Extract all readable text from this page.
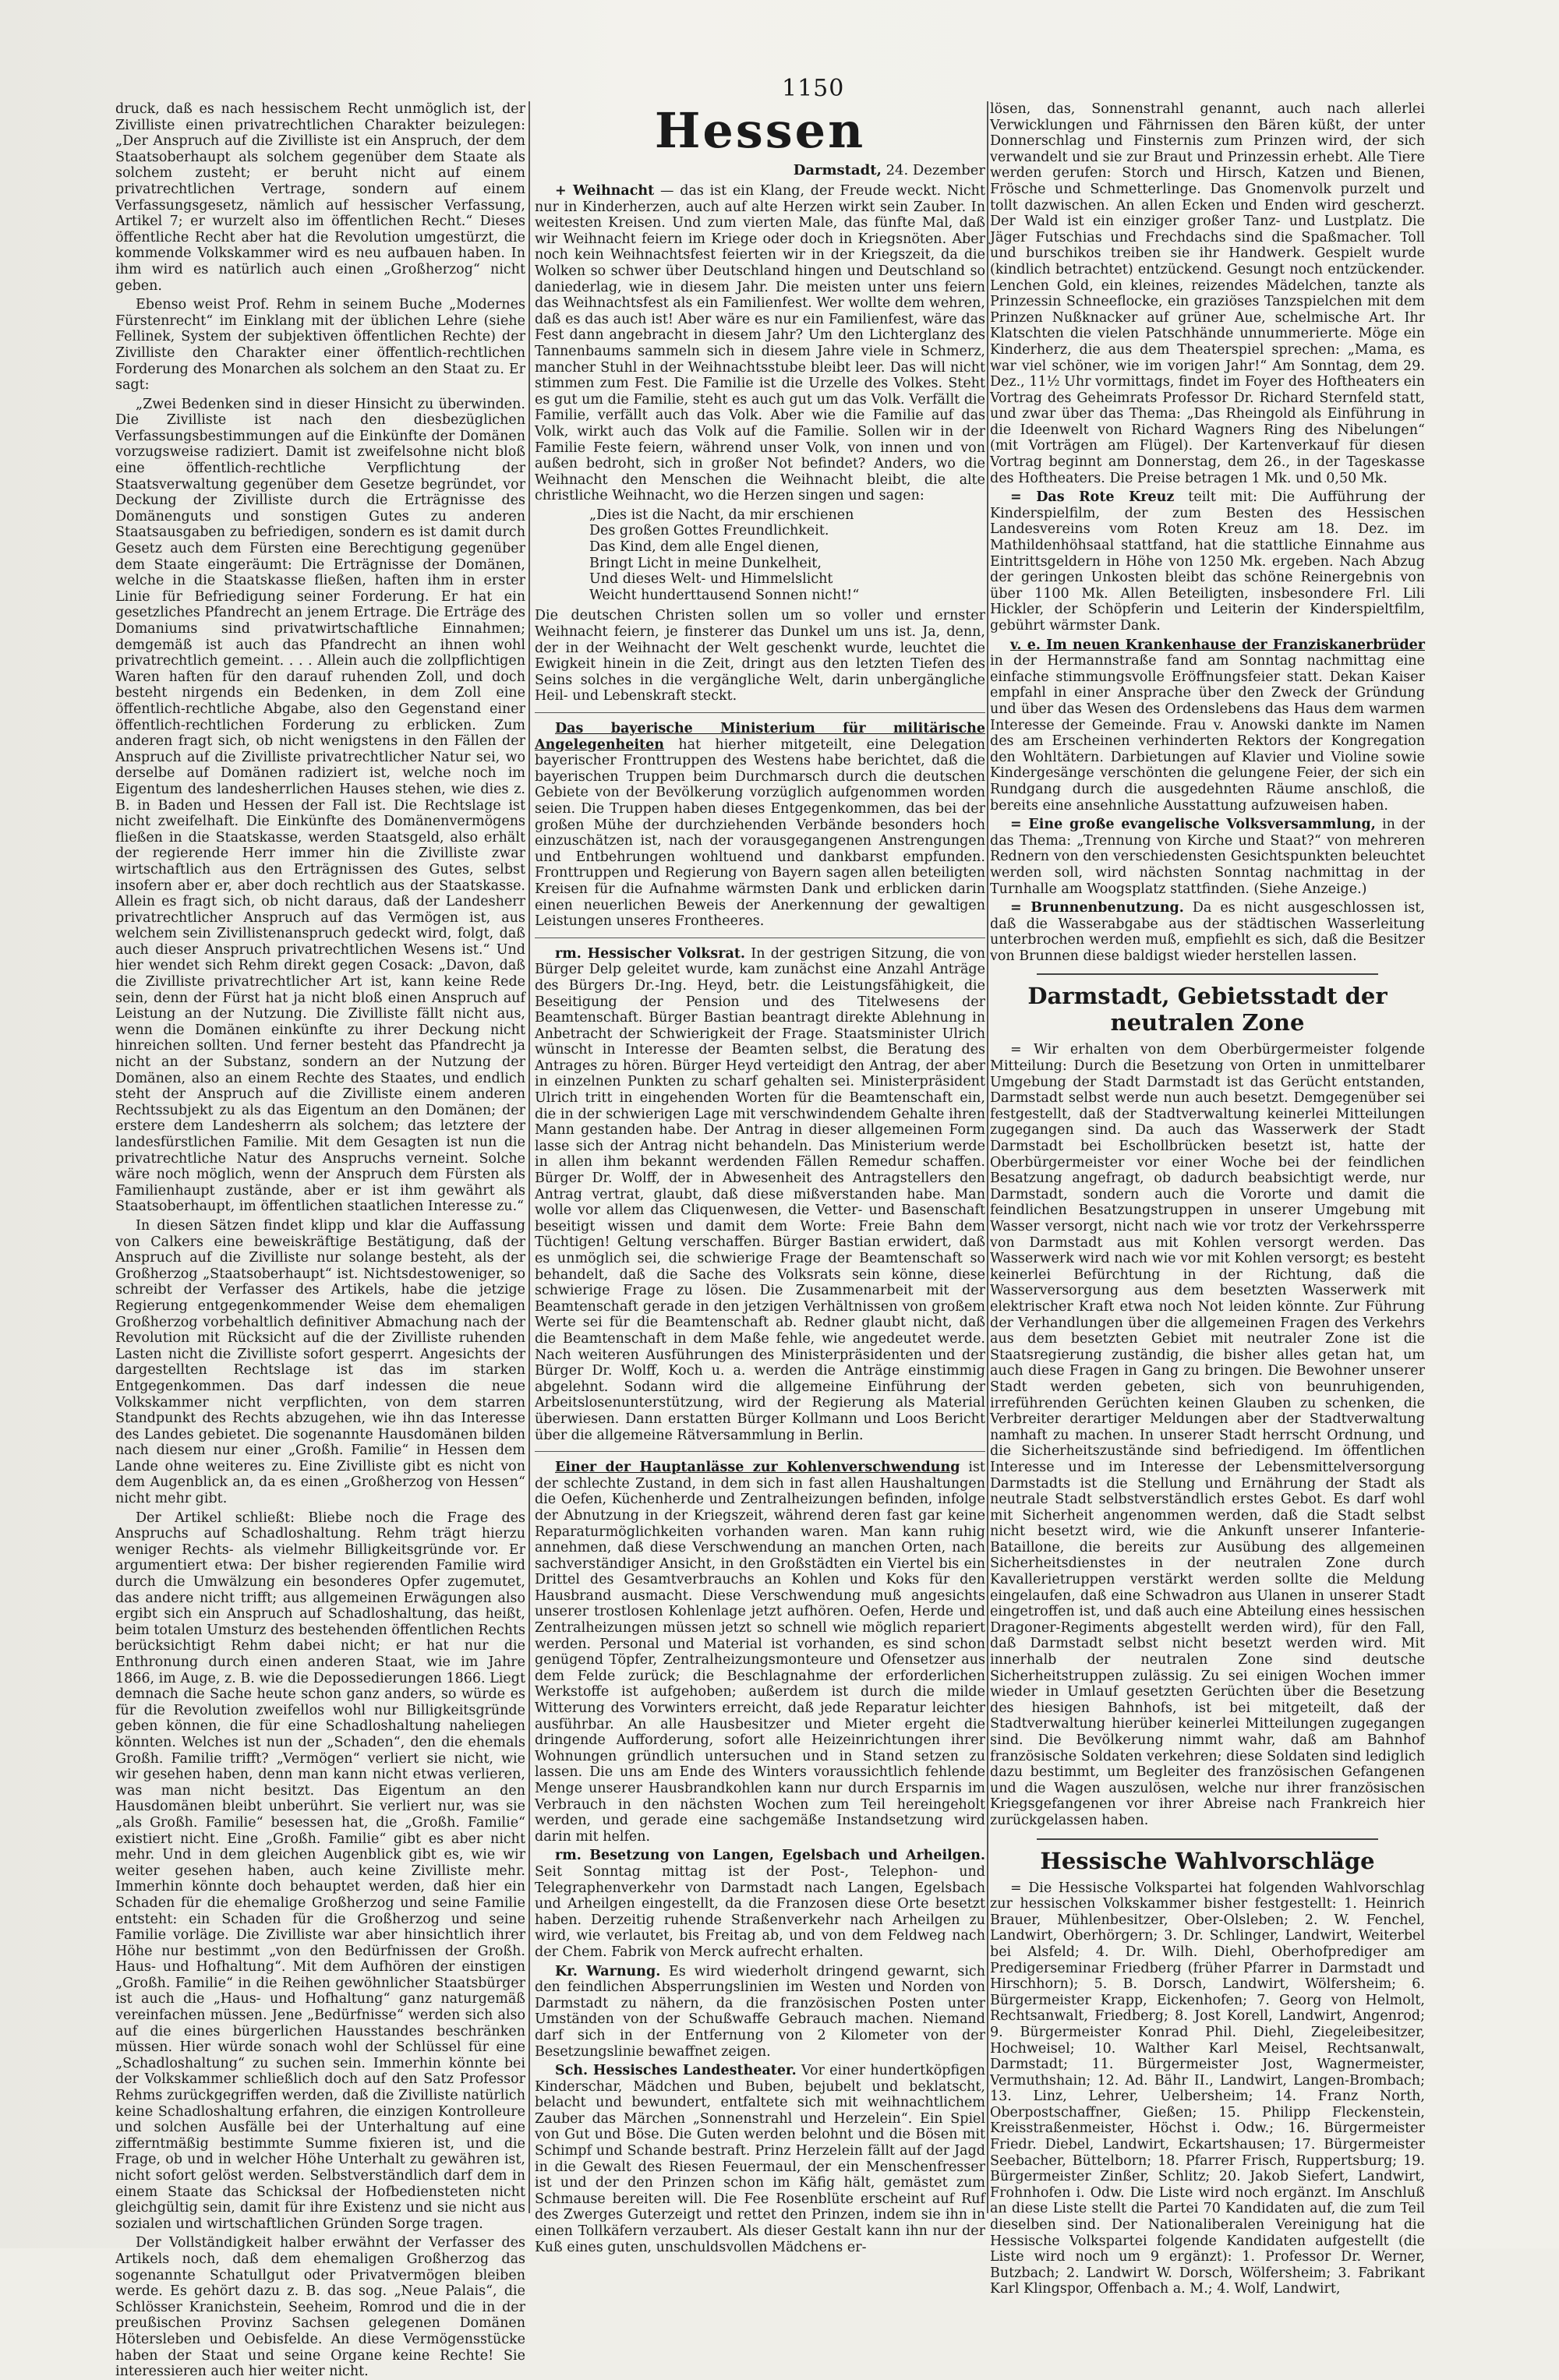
1150

druck, daß es nach hessischem Recht unmöglich ist, der Zivilliste einen privatrechtlichen Charakter beizulegen: „Der Anspruch auf die Zivilliste ist ein Anspruch, der dem Staatsoberhaupt als solchem gegenüber dem Staate als solchem zusteht; er beruht nicht auf einem privatrechtlichen Vertrage, sondern auf einem Verfassungsgesetz, nämlich auf hessischer Verfassung, Artikel 7; er wurzelt also im öffentlichen Recht.“ Dieses öffentliche Recht aber hat die Revolution umgestürzt, die kommende Volkskammer wird es neu aufbauen haben. In ihm wird es natürlich auch einen „Großherzog“ nicht geben.

Ebenso weist Prof. Rehm in seinem Buche „Modernes Fürstenrecht“ im Einklang mit der üblichen Lehre (siehe Fellinek, System der subjektiven öffentlichen Rechte) der Zivilliste den Charakter einer öffentlich-rechtlichen Forderung des Monarchen als solchem an den Staat zu. Er sagt:

„Zwei Bedenken sind in dieser Hinsicht zu überwinden. Die Zivilliste ist nach den diesbezüglichen Verfassungsbestimmungen auf die Einkünfte der Domänen vorzugsweise radiziert. Damit ist zweifelsohne nicht bloß eine öffentlich-rechtliche Verpflichtung der Staatsverwaltung gegenüber dem Gesetze begründet, vor Deckung der Zivilliste durch die Erträgnisse des Domänenguts und sonstigen Gutes zu anderen Staatsausgaben zu befriedigen, sondern es ist damit durch Gesetz auch dem Fürsten eine Berechtigung gegenüber dem Staate eingeräumt: Die Erträgnisse der Domänen, welche in die Staatskasse fließen, haften ihm in erster Linie für Befriedigung seiner Forderung. Er hat ein gesetzliches Pfandrecht an jenem Ertrage. Die Erträge des Domaniums sind privatwirtschaftliche Einnahmen; demgemäß ist auch das Pfandrecht an ihnen wohl privatrechtlich gemeint. . . . Allein auch die zollpflichtigen Waren haften für den darauf ruhenden Zoll, und doch besteht nirgends ein Bedenken, in dem Zoll eine öffentlich-rechtliche Abgabe, also den Gegenstand einer öffentlich-rechtlichen Forderung zu erblicken. Zum anderen fragt sich, ob nicht wenigstens in den Fällen der Anspruch auf die Zivilliste privatrechtlicher Natur sei, wo derselbe auf Domänen radiziert ist, welche noch im Eigentum des landesherrlichen Hauses stehen, wie dies z. B. in Baden und Hessen der Fall ist. Die Rechtslage ist nicht zweifelhaft. Die Einkünfte des Domänenvermögens fließen in die Staatskasse, werden Staatsgeld, also erhält der regierende Herr immer hin die Zivilliste zwar wirtschaftlich aus den Erträgnissen des Gutes, selbst insofern aber er, aber doch rechtlich aus der Staatskasse. Allein es fragt sich, ob nicht daraus, daß der Landesherr privatrechtlicher Anspruch auf das Vermögen ist, aus welchem sein Zivillistenanspruch gedeckt wird, folgt, daß auch dieser Anspruch privatrechtlichen Wesens ist.“ Und hier wendet sich Rehm direkt gegen Cosack: „Davon, daß die Zivilliste privatrechtlicher Art ist, kann keine Rede sein, denn der Fürst hat ja nicht bloß einen Anspruch auf Leistung an der Nutzung. Die Zivilliste fällt nicht aus, wenn die Domänen einkünfte zu ihrer Deckung nicht hinreichen sollten. Und ferner besteht das Pfandrecht ja nicht an der Substanz, sondern an der Nutzung der Domänen, also an einem Rechte des Staates, und endlich steht der Anspruch auf die Zivilliste einem anderen Rechtssubjekt zu als das Eigentum an den Domänen; der erstere dem Landesherrn als solchem; das letztere der landesfürstlichen Familie. Mit dem Gesagten ist nun die privatrechtliche Natur des Anspruchs verneint. Solche wäre noch möglich, wenn der Anspruch dem Fürsten als Familienhaupt zustände, aber er ist ihm gewährt als Staatsoberhaupt, im öffentlichen staatlichen Interesse zu.“

In diesen Sätzen findet klipp und klar die Auffassung von Calkers eine beweiskräftige Bestätigung, daß der Anspruch auf die Zivilliste nur solange besteht, als der Großherzog „Staatsoberhaupt“ ist. Nichtsdestoweniger, so schreibt der Verfasser des Artikels, habe die jetzige Regierung entgegenkommender Weise dem ehemaligen Großherzog vorbehaltlich definitiver Abmachung nach der Revolution mit Rücksicht auf die der Zivilliste ruhenden Lasten nicht die Zivilliste sofort gesperrt. Angesichts der dargestellten Rechtslage ist das im starken Entgegenkommen. Das darf indessen die neue Volkskammer nicht verpflichten, von dem starren Standpunkt des Rechts abzugehen, wie ihn das Interesse des Landes gebietet. Die sogenannte Hausdomänen bilden nach diesem nur einer „Großh. Familie“ in Hessen dem Lande ohne weiteres zu. Eine Zivilliste gibt es nicht von dem Augenblick an, da es einen „Großherzog von Hessen“ nicht mehr gibt.

Der Artikel schließt: Bliebe noch die Frage des Anspruchs auf Schadloshaltung. Rehm trägt hierzu weniger Rechts- als vielmehr Billigkeitsgründe vor. Er argumentiert etwa: Der bisher regierenden Familie wird durch die Umwälzung ein besonderes Opfer zugemutet, das andere nicht trifft; aus allgemeinen Erwägungen also ergibt sich ein Anspruch auf Schadloshaltung, das heißt, beim totalen Umsturz des bestehenden öffentlichen Rechts berücksichtigt Rehm dabei nicht; er hat nur die Enthronung durch einen anderen Staat, wie im Jahre 1866, im Auge, z. B. wie die Depossedierungen 1866. Liegt demnach die Sache heute schon ganz anders, so würde es für die Revolution zweifellos wohl nur Billigkeitsgründe geben können, die für eine Schadloshaltung naheliegen könnten. Welches ist nun der „Schaden“, den die ehemals Großh. Familie trifft? „Vermögen“ verliert sie nicht, wie wir gesehen haben, denn man kann nicht etwas verlieren, was man nicht besitzt. Das Eigentum an den Hausdomänen bleibt unberührt. Sie verliert nur, was sie „als Großh. Familie“ besessen hat, die „Großh. Familie“ existiert nicht. Eine „Großh. Familie“ gibt es aber nicht mehr. Und in dem gleichen Augenblick gibt es, wie wir weiter gesehen haben, auch keine Zivilliste mehr. Immerhin könnte doch behauptet werden, daß hier ein Schaden für die ehemalige Großherzog und seine Familie entsteht: ein Schaden für die Großherzog und seine Familie vorläge. Die Zivilliste war aber hinsichtlich ihrer Höhe nur bestimmt „von den Bedürfnissen der Großh. Haus- und Hofhaltung“. Mit dem Aufhören der einstigen „Großh. Familie“ in die Reihen gewöhnlicher Staatsbürger ist auch die „Haus- und Hofhaltung“ ganz naturgemäß vereinfachen müssen. Jene „Bedürfnisse“ werden sich also auf die eines bürgerlichen Hausstandes beschränken müssen. Hier würde sonach wohl der Schlüssel für eine „Schadloshaltung“ zu suchen sein. Immerhin könnte bei der Volkskammer schließlich doch auf den Satz Professor Rehms zurückgegriffen werden, daß die Zivilliste natürlich keine Schadloshaltung erfahren, die einzigen Kontrolleure und solchen Ausfälle bei der Unterhaltung auf eine zifferntmäßig bestimmte Summe fixieren ist, und die Frage, ob und in welcher Höhe Unterhalt zu gewähren ist, nicht sofort gelöst werden. Selbstverständlich darf dem in einem Staate das Schicksal der Hofbediensteten nicht gleichgültig sein, damit für ihre Existenz und sie nicht aus sozialen und wirtschaftlichen Gründen Sorge tragen.

Der Vollständigkeit halber erwähnt der Verfasser des Artikels noch, daß dem ehemaligen Großherzog das sogenannte Schatullgut oder Privatvermögen bleiben werde. Es gehört dazu z. B. das sog. „Neue Palais“, die Schlösser Kranichstein, Seeheim, Romrod und die in der preußischen Provinz Sachsen gelegenen Domänen Hötersleben und Oebisfelde. An diese Vermögensstücke haben der Staat und seine Organe keine Rechte! Sie interessieren auch hier weiter nicht.

Hessen
Darmstadt, 24. Dezember

+ Weihnacht — das ist ein Klang, der Freude weckt. Nicht nur in Kinderherzen, auch auf alte Herzen wirkt sein Zauber. In weitesten Kreisen. Und zum vierten Male, das fünfte Mal, daß wir Weihnacht feiern im Kriege oder doch in Kriegsnöten. Aber noch kein Weihnachtsfest feierten wir in der Kriegszeit, da die Wolken so schwer über Deutschland hingen und Deutschland so daniederlag, wie in diesem Jahr. Die meisten unter uns feiern das Weihnachtsfest als ein Familienfest. Wer wollte dem wehren, daß es das auch ist! Aber wäre es nur ein Familienfest, wäre das Fest dann angebracht in diesem Jahr? Um den Lichterglanz des Tannenbaums sammeln sich in diesem Jahre viele in Schmerz, mancher Stuhl in der Weihnachtsstube bleibt leer. Das will nicht stimmen zum Fest. Die Familie ist die Urzelle des Volkes. Steht es gut um die Familie, steht es auch gut um das Volk. Verfällt die Familie, verfällt auch das Volk. Aber wie die Familie auf das Volk, wirkt auch das Volk auf die Familie. Sollen wir in der Familie Feste feiern, während unser Volk, von innen und von außen bedroht, sich in großer Not befindet? Anders, wo die Weihnacht den Menschen die Weihnacht bleibt, die alte christliche Weihnacht, wo die Herzen singen und sagen:

„Dies ist die Nacht, da mir erschienen
Des großen Gottes Freundlichkeit.
Das Kind, dem alle Engel dienen,
Bringt Licht in meine Dunkelheit,
Und dieses Welt- und Himmelslicht
Weicht hunderttausend Sonnen nicht!“

Die deutschen Christen sollen um so voller und ernster Weihnacht feiern, je finsterer das Dunkel um uns ist. Ja, denn, der in der Weihnacht der Welt geschenkt wurde, leuchtet die Ewigkeit hinein in die Zeit, dringt aus den letzten Tiefen des Seins solches in die vergängliche Welt, darin unbergängliche Heil- und Lebenskraft steckt.

Das bayerische Ministerium für militärische Angelegenheiten hat hierher mitgeteilt, eine Delegation bayerischer Fronttruppen des Westens habe berichtet, daß die bayerischen Truppen beim Durchmarsch durch die deutschen Gebiete von der Bevölkerung vorzüglich aufgenommen worden seien. Die Truppen haben dieses Entgegenkommen, das bei der großen Mühe der durchziehenden Verbände besonders hoch einzuschätzen ist, nach der vorausgegangenen Anstrengungen und Entbehrungen wohltuend und dankbarst empfunden. Fronttruppen und Regierung von Bayern sagen allen beteiligten Kreisen für die Aufnahme wärmsten Dank und erblicken darin einen neuerlichen Beweis der Anerkennung der gewaltigen Leistungen unseres Frontheeres.

rm. Hessischer Volksrat. In der gestrigen Sitzung, die von Bürger Delp geleitet wurde, kam zunächst eine Anzahl Anträge des Bürgers Dr.-Ing. Heyd, betr. die Leistungsfähigkeit, die Beseitigung der Pension und des Titelwesens der Beamtenschaft. Bürger Bastian beantragt direkte Ablehnung in Anbetracht der Schwierigkeit der Frage. Staatsminister Ulrich wünscht in Interesse der Beamten selbst, die Beratung des Antrages zu hören. Bürger Heyd verteidigt den Antrag, der aber in einzelnen Punkten zu scharf gehalten sei. Ministerpräsident Ulrich tritt in eingehenden Worten für die Beamtenschaft ein, die in der schwierigen Lage mit verschwindendem Gehalte ihren Mann gestanden habe. Der Antrag in dieser allgemeinen Form lasse sich der Antrag nicht behandeln. Das Ministerium werde in allen ihm bekannt werdenden Fällen Remedur schaffen. Bürger Dr. Wolff, der in Abwesenheit des Antragstellers den Antrag vertrat, glaubt, daß diese mißverstanden habe. Man wolle vor allem das Cliquenwesen, die Vetter- und Basenschaft beseitigt wissen und damit dem Worte: Freie Bahn dem Tüchtigen! Geltung verschaffen. Bürger Bastian erwidert, daß es unmöglich sei, die schwierige Frage der Beamtenschaft so behandelt, daß die Sache des Volksrats sein könne, diese schwierige Frage zu lösen. Die Zusammenarbeit mit der Beamtenschaft gerade in den jetzigen Verhältnissen von großem Werte sei für die Beamtenschaft ab. Redner glaubt nicht, daß die Beamtenschaft in dem Maße fehle, wie angedeutet werde. Nach weiteren Ausführungen des Ministerpräsidenten und der Bürger Dr. Wolff, Koch u. a. werden die Anträge einstimmig abgelehnt. Sodann wird die allgemeine Einführung der Arbeitslosenunterstützung, wird der Regierung als Material überwiesen. Dann erstatten Bürger Kollmann und Loos Bericht über die allgemeine Rätversammlung in Berlin.

Einer der Hauptanlässe zur Kohlenverschwendung ist der schlechte Zustand, in dem sich in fast allen Haushaltungen die Oefen, Küchenherde und Zentralheizungen befinden, infolge der Abnutzung in der Kriegszeit, während deren fast gar keine Reparaturmöglichkeiten vorhanden waren. Man kann ruhig annehmen, daß diese Verschwendung an manchen Orten, nach sachverständiger Ansicht, in den Großstädten ein Viertel bis ein Drittel des Gesamtverbrauchs an Kohlen und Koks für den Hausbrand ausmacht. Diese Verschwendung muß angesichts unserer trostlosen Kohlenlage jetzt aufhören. Oefen, Herde und Zentralheizungen müssen jetzt so schnell wie möglich repariert werden. Personal und Material ist vorhanden, es sind schon genügend Töpfer, Zentralheizungsmonteure und Ofensetzer aus dem Felde zurück; die Beschlagnahme der erforderlichen Werkstoffe ist aufgehoben; außerdem ist durch die milde Witterung des Vorwinters erreicht, daß jede Reparatur leichter ausführbar. An alle Hausbesitzer und Mieter ergeht die dringende Aufforderung, sofort alle Heizeinrichtungen ihrer Wohnungen gründlich untersuchen und in Stand setzen zu lassen. Die uns am Ende des Winters voraussichtlich fehlende Menge unserer Hausbrandkohlen kann nur durch Ersparnis im Verbrauch in den nächsten Wochen zum Teil hereingeholt werden, und gerade eine sachgemäße Instandsetzung wird darin mit helfen.

rm. Besetzung von Langen, Egelsbach und Arheilgen. Seit Sonntag mittag ist der Post-, Telephon- und Telegraphenverkehr von Darmstadt nach Langen, Egelsbach und Arheilgen eingestellt, da die Franzosen diese Orte besetzt haben. Derzeitig ruhende Straßenverkehr nach Arheilgen zu wird, wie verlautet, bis Freitag ab, und von dem Feldweg nach der Chem. Fabrik von Merck aufrecht erhalten.

Kr. Warnung. Es wird wiederholt dringend gewarnt, sich den feindlichen Absperrungslinien im Westen und Norden von Darmstadt zu nähern, da die französischen Posten unter Umständen von der Schußwaffe Gebrauch machen. Niemand darf sich in der Entfernung von 2 Kilometer von der Besetzungslinie bewaffnet zeigen.

Sch. Hessisches Landestheater. Vor einer hundertköpfigen Kinderschar, Mädchen und Buben, bejubelt und beklatscht, belacht und bewundert, entfaltete sich mit weihnachtlichem Zauber das Märchen „Sonnenstrahl und Herzelein“. Ein Spiel von Gut und Böse. Die Guten werden belohnt und die Bösen mit Schimpf und Schande bestraft. Prinz Herzelein fällt auf der Jagd in die Gewalt des Riesen Feuermaul, der ein Menschenfresser ist und der den Prinzen schon im Käfig hält, gemästet zum Schmause bereiten will. Die Fee Rosenblüte erscheint auf Ruf des Zwerges Guterzeigt und rettet den Prinzen, indem sie ihn in einen Tollkäfern verzaubert. Als dieser Gestalt kann ihn nur der Kuß eines guten, unschuldsvollen Mädchens er-

lösen, das, Sonnenstrahl genannt, auch nach allerlei Verwicklungen und Fährnissen den Bären küßt, der unter Donnerschlag und Finsternis zum Prinzen wird, der sich verwandelt und sie zur Braut und Prinzessin erhebt. Alle Tiere werden gerufen: Storch und Hirsch, Katzen und Bienen, Frösche und Schmetterlinge. Das Gnomenvolk purzelt und tollt dazwischen. An allen Ecken und Enden wird gescherzt. Der Wald ist ein einziger großer Tanz- und Lustplatz. Die Jäger Futschias und Frechdachs sind die Spaßmacher. Toll und burschikos treiben sie ihr Handwerk. Gespielt wurde (kindlich betrachtet) entzückend. Gesungt noch entzückender. Lenchen Gold, ein kleines, reizendes Mädelchen, tanzte als Prinzessin Schneeflocke, ein graziöses Tanzspielchen mit dem Prinzen Nußknacker auf grüner Aue, schelmische Art. Ihr Klatschten die vielen Patschhände unnummerierte. Möge ein Kinderherz, die aus dem Theaterspiel sprechen: „Mama, es war viel schöner, wie im vorigen Jahr!“ Am Sonntag, dem 29. Dez., 11½ Uhr vormittags, findet im Foyer des Hoftheaters ein Vortrag des Geheimrats Professor Dr. Richard Sternfeld statt, und zwar über das Thema: „Das Rheingold als Einführung in die Ideenwelt von Richard Wagners Ring des Nibelungen“ (mit Vorträgen am Flügel). Der Kartenverkauf für diesen Vortrag beginnt am Donnerstag, dem 26., in der Tageskasse des Hoftheaters. Die Preise betragen 1 Mk. und 0,50 Mk.

= Das Rote Kreuz teilt mit: Die Aufführung der Kinderspielfilm, der zum Besten des Hessischen Landesvereins vom Roten Kreuz am 18. Dez. im Mathildenhöhsaal stattfand, hat die stattliche Einnahme aus Eintrittsgeldern in Höhe von 1250 Mk. ergeben. Nach Abzug der geringen Unkosten bleibt das schöne Reinergebnis von über 1100 Mk. Allen Beteiligten, insbesondere Frl. Lili Hickler, der Schöpferin und Leiterin der Kinderspieltfilm, gebührt wärmster Dank.

v. e. Im neuen Krankenhause der Franziskanerbrüder in der Hermannstraße fand am Sonntag nachmittag eine einfache stimmungsvolle Eröffnungsfeier statt. Dekan Kaiser empfahl in einer Ansprache über den Zweck der Gründung und über das Wesen des Ordenslebens das Haus dem warmen Interesse der Gemeinde. Frau v. Anowski dankte im Namen des am Erscheinen verhinderten Rektors der Kongregation den Wohltätern. Darbietungen auf Klavier und Violine sowie Kindergesänge verschönten die gelungene Feier, der sich ein Rundgang durch die ausgedehnten Räume anschloß, die bereits eine ansehnliche Ausstattung aufzuweisen haben.

= Eine große evangelische Volksversammlung, in der das Thema: „Trennung von Kirche und Staat?“ von mehreren Rednern von den verschiedensten Gesichtspunkten beleuchtet werden soll, wird nächsten Sonntag nachmittag in der Turnhalle am Woogsplatz stattfinden. (Siehe Anzeige.)

= Brunnenbenutzung. Da es nicht ausgeschlossen ist, daß die Wasserabgabe aus der städtischen Wasserleitung unterbrochen werden muß, empfiehlt es sich, daß die Besitzer von Brunnen diese baldigst wieder herstellen lassen.

Darmstadt, Gebietsstadt der neutralen Zone

= Wir erhalten von dem Oberbürgermeister folgende Mitteilung: Durch die Besetzung von Orten in unmittelbarer Umgebung der Stadt Darmstadt ist das Gerücht entstanden, Darmstadt selbst werde nun auch besetzt. Demgegenüber sei festgestellt, daß der Stadtverwaltung keinerlei Mitteilungen zugegangen sind. Da auch das Wasserwerk der Stadt Darmstadt bei Eschollbrücken besetzt ist, hatte der Oberbürgermeister vor einer Woche bei der feindlichen Besatzung angefragt, ob dadurch beabsichtigt werde, nur Darmstadt, sondern auch die Vororte und damit die feindlichen Besatzungstruppen in unserer Umgebung mit Wasser versorgt, nicht nach wie vor trotz der Verkehrssperre von Darmstadt aus mit Kohlen versorgt werden. Das Wasserwerk wird nach wie vor mit Kohlen versorgt; es besteht keinerlei Befürchtung in der Richtung, daß die Wasserversorgung aus dem besetzten Wasserwerk mit elektrischer Kraft etwa noch Not leiden könnte. Zur Führung der Verhandlungen über die allgemeinen Fragen des Verkehrs aus dem besetzten Gebiet mit neutraler Zone ist die Staatsregierung zuständig, die bisher alles getan hat, um auch diese Fragen in Gang zu bringen. Die Bewohner unserer Stadt werden gebeten, sich von beunruhigenden, irreführenden Gerüchten keinen Glauben zu schenken, die Verbreiter derartiger Meldungen aber der Stadtverwaltung namhaft zu machen. In unserer Stadt herrscht Ordnung, und die Sicherheitszustände sind befriedigend. Im öffentlichen Interesse und im Interesse der Lebensmittelversorgung Darmstadts ist die Stellung und Ernährung der Stadt als neutrale Stadt selbstverständlich erstes Gebot. Es darf wohl mit Sicherheit angenommen werden, daß die Stadt selbst nicht besetzt wird, wie die Ankunft unserer Infanterie-Bataillone, die bereits zur Ausübung des allgemeinen Sicherheitsdienstes in der neutralen Zone durch Kavallerietruppen verstärkt werden sollte die Meldung eingelaufen, daß eine Schwadron aus Ulanen in unserer Stadt eingetroffen ist, und daß auch eine Abteilung eines hessischen Dragoner-Regiments abgestellt werden wird), für den Fall, daß Darmstadt selbst nicht besetzt werden wird. Mit innerhalb der neutralen Zone sind deutsche Sicherheitstruppen zulässig. Zu sei einigen Wochen immer wieder in Umlauf gesetzten Gerüchten über die Besetzung des hiesigen Bahnhofs, ist bei mitgeteilt, daß der Stadtverwaltung hierüber keinerlei Mitteilungen zugegangen sind. Die Bevölkerung nimmt wahr, daß am Bahnhof französische Soldaten verkehren; diese Soldaten sind lediglich dazu bestimmt, um Begleiter des französischen Gefangenen und die Wagen auszulösen, welche nur ihrer französischen Kriegsgefangenen vor ihrer Abreise nach Frankreich hier zurückgelassen haben.

Hessische Wahlvorschläge

= Die Hessische Volkspartei hat folgenden Wahlvorschlag zur hessischen Volkskammer bisher festgestellt: 1. Heinrich Brauer, Mühlenbesitzer, Ober-Olsleben; 2. W. Fenchel, Landwirt, Oberhörgern; 3. Dr. Schlinger, Landwirt, Weiterbel bei Alsfeld; 4. Dr. Wilh. Diehl, Oberhofprediger am Predigerseminar Friedberg (früher Pfarrer in Darmstadt und Hirschhorn); 5. B. Dorsch, Landwirt, Wölfersheim; 6. Bürgermeister Krapp, Eickenhofen; 7. Georg von Helmolt, Rechtsanwalt, Friedberg; 8. Jost Korell, Landwirt, Angenrod; 9. Bürgermeister Konrad Phil. Diehl, Ziegeleibesitzer, Hochweisel; 10. Walther Karl Meisel, Rechtsanwalt, Darmstadt; 11. Bürgermeister Jost, Wagnermeister, Vermuthshain; 12. Ad. Bähr II., Landwirt, Langen-Brombach; 13. Linz, Lehrer, Uelbersheim; 14. Franz North, Oberpostschaffner, Gießen; 15. Philipp Fleckenstein, Kreisstraßenmeister, Höchst i. Odw.; 16. Bürgermeister Friedr. Diebel, Landwirt, Eckartshausen; 17. Bürgermeister Seebacher, Büttelborn; 18. Pfarrer Frisch, Ruppertsburg; 19. Bürgermeister Zinßer, Schlitz; 20. Jakob Siefert, Landwirt, Frohnhofen i. Odw. Die Liste wird noch ergänzt. Im Anschluß an diese Liste stellt die Partei 70 Kandidaten auf, die zum Teil dieselben sind. Der Nationaliberalen Vereinigung hat die Hessische Volkspartei folgende Kandidaten aufgestellt (die Liste wird noch um 9 ergänzt): 1. Professor Dr. Werner, Butzbach; 2. Landwirt W. Dorsch, Wölfersheim; 3. Fabrikant Karl Klingspor, Offenbach a. M.; 4. Wolf, Landwirt,
